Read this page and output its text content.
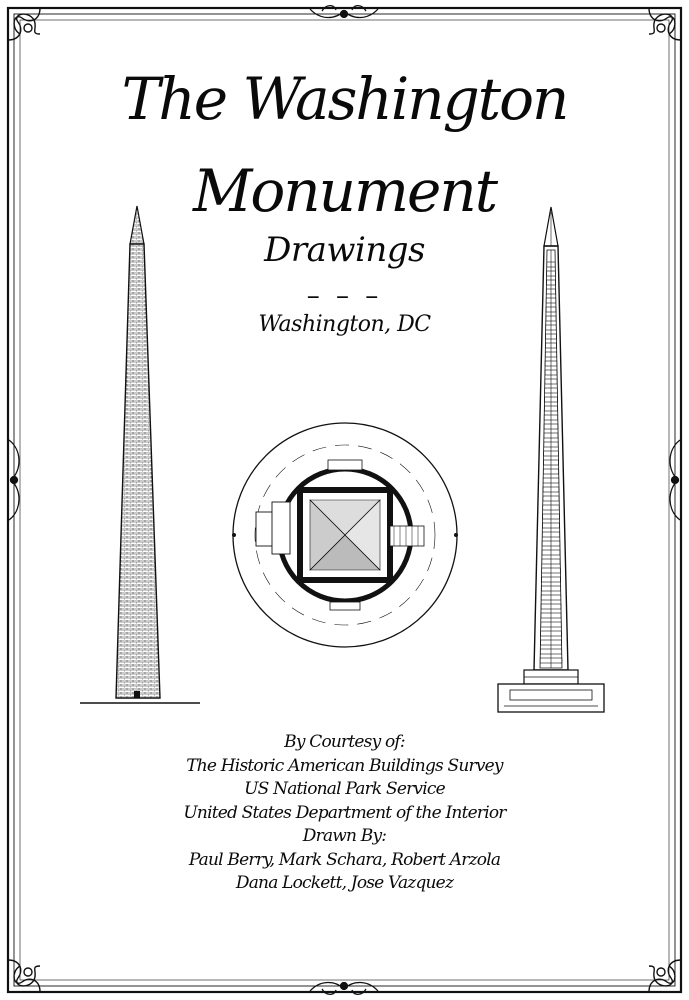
The Washington
Monument
Drawings
– – –
Washington, DC
By Courtesy of:
The Historic American Buildings Survey
US National Park Service
United States Department of the Interior
Drawn By:
Paul Berry, Mark Schara, Robert Arzola
Dana Lockett, Jose Vazquez
